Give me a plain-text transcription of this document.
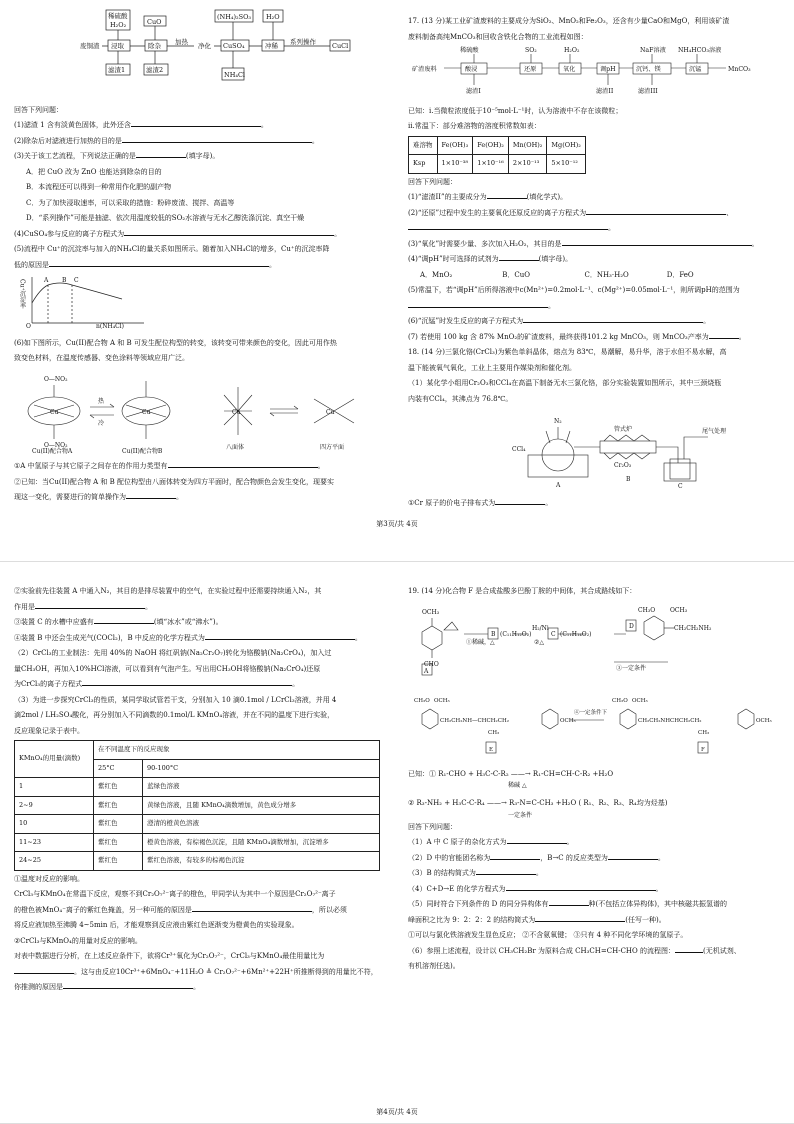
稀硫酸
H₂O₂	CuO
(NH₄)₂SO₃ H₂O
废铜渣 浸取	除杂 加热 净化 CuSO₄	冲稀 系列操作 CuCl
滤渣1	滤渣2
NH₄Cl
回答下列问题：
(1)滤渣 1 含有淡黄色固体，此外还含	。
(2)除杂后对滤液进行加热的目的是	。
(3)关于该工艺流程，下列说法正确的是	(填字母)。
A．把 CuO 改为 ZnO 也能达到除杂的目的
B．本流程还可以得到一种常用作化肥的副产物
C．为了加快浸取速率，可以采取的措施：粉碎废渣、搅拌、高温等
D．“系列操作”可能是抽滤、依次用温度较低的SO₂水溶液与无水乙醇洗涤沉淀、真空干燥
(4)CuSO₄参与反应的离子方程式为	。
(5)流程中 Cu⁺的沉淀率与加入的NH₄Cl的量关系如图所示。随着加入NH₄Cl的增多，Cu⁺的沉淀率降
低的原因是	。
Cu⁺沉淀率
n(NH₄Cl)
A B C
O
(6)如下图所示，Cu(II)配合物 A 和 B 可发生配位构型的转变，该转变可带来颜色的变化，因此可用作热
致变色材料，在温度传感器、变色涂料等领域应用广泛。
O—NO₂
O—NO₂
Cu	Cu
热
冷
Cu(II)配合物A	Cu(II)配合物B
Cu	Cu
八面体	四方平面
①A 中氢原子与其它原子之间存在的作用力类型有	。
②已知：当Cu(II)配合物 A 和 B 配位构型由八面体转变为四方平面时，配合物颜色会发生变化，现要实
现这一变化，需要进行的简单操作为	。
17. (13 分)某工业矿渣废料的主要成分为SiO₂、MnO₂和Fe₂O₃，还含有少量CaO和MgO，利用该矿渣
废料制备高纯MnCO₃和回收含铁化合物的工业流程如图：
稀硫酸	SO₂	H₂O₂	NaF溶液 NH₄HCO₃溶液
矿渣废料	酸浸	还原	氧化	调pH	沉钙、镁	沉锰	MnCO₃
滤渣I	滤渣II	滤渣III
已知：i.当微粒浓度低于10⁻⁵mol·L⁻¹时，认为溶液中不存在该微粒；
ii.常温下：部分难溶物的溶度积常数如表：
难溶物	Fe(OH)₃	Fe(OH)₂	Mn(OH)₂	Mg(OH)₂
Ksp	1×10⁻³⁸	1×10⁻¹⁶	2×10⁻¹³	5×10⁻¹²
回答下列问题：
(1)“滤渣II”的主要成分为	(填化学式)。
(2)“还原”过程中发生的主要氧化还原反应的离子方程式为	、
。
(3)“氧化”时需要少量、多次加入H₂O₂，其目的是	。
(4)“调pH”时可选择的试剂为	(填字母)。
A．MnO₂	B．CuO	C．NH₃·H₂O	D．FeO
(5)常温下，若“调pH”后所得溶液中c(Mn²⁺)=0.2mol·L⁻¹、c(Mg²⁺)=0.05mol·L⁻¹，则所调pH的范围为
。
(6)“沉锰”时发生反应的离子方程式为	。
(7) 若使用 100 kg 含 87% MnO₂的矿渣废料，最终获得101.2 kg MnCO₃，则 MnCO₃产率为	。
18. (14 分)三氯化铬(CrCl₃)为紫色单斜晶体，熔点为 83℃，易潮解，易升华，溶于水但不易水解，高
温下能被氧气氧化，工业上主要用作媒染剂和催化剂。
（1）某化学小组用Cr₂O₃和CCl₄在高温下制备无水三氯化铬，部分实验装置如图所示，其中三颈烧瓶
内装有CCl₄，其沸点为 76.8℃。
N₂
管式炉	尾气处理
Cr₂O₃
CCl₄
A
B
C
①Cr 原子的价电子排布式为	。
第3页/共 4页
②实验前先往装置 A 中通入N₂，其目的是排尽装置中的空气，在实验过程中还需要持续通入N₂，其
作用是	。
③装置 C 的水槽中应盛有	(填“冰水”或“沸水”)。
④装置 B 中还会生成光气(COCl₂)，B 中反应的化学方程式为	。
（2）CrCl₃的工业制法：先用 40%的 NaOH 将红矾钠(Na₂Cr₂O₇)转化为铬酸钠(Na₂CrO₄)，加入过
量CH₃OH，再加入10%HCl溶液，可以看到有气泡产生。写出用CH₃OH将铬酸钠(Na₂CrO₄)还原
为CrCl₃的离子方程式	。
（3）为进一步探究CrCl₃的性质，某同学取试管若干支，分别加入 10 滴0.1mol / LCrCl₃溶液，并用 4
滴2mol / LH₂SO₄酸化，再分别加入不同滴数的0.1mol/L KMnO₄溶液，并在不同的温度下进行实验，
反应现象记录于表中。
KMnO₄的用量(滴数)	在不同温度下的反应现象	
	25°C	90-100°C
1	紫红色	蓝绿色溶液
2~9	紫红色	黄绿色溶液，且随 KMnO₄滴数增加，黄色成分增多
10	紫红色	澄清的橙黄色溶液
11~23	紫红色	橙黄色溶液，有棕褐色沉淀，且随 KMnO₄滴数增加，沉淀增多
24~25	紫红色	紫红色溶液，有较多的棕褐色沉淀
①温度对反应的影响。
CrCl₃与KMnO₄在常温下反应，观察不到Cr₂O₇²⁻离子的橙色，甲同学认为其中一个原因是Cr₂O₇²⁻离子
的橙色被MnO₄⁻离子的紫红色掩盖，另一种可能的原因是	，所以必须
将反应液加热至沸腾 4~5min 后，才能观察到反应液由紫红色逐渐变为橙黄色的实验现象。
②CrCl₃与KMnO₄的用量对反应的影响。
对表中数据进行分析，在上述反应条件下，欲将Cr³⁺氧化为Cr₂O₇²⁻，CrCl₃与KMnO₄最佳用量比为
。这与由反应10Cr³⁺+6MnO₄⁻+11H₂O ≜ Cr₂O₇²⁻+6Mn²⁺+22H⁺所推断得到的用量比不符，
你推测的原因是	。
19. (14 分)化合物 F 是合成盐酸多巴酚丁胺的中间体，其合成路线如下：
OCH₃
CHO
A
①稀碱，△
B (C₁₁H₁₂O₂)
H₂/Ni
②△
C (C₁₁H₁₄O₂)
D
CH₃O OCH₃
CH₂CH₂NH₂
③一定条件

CH₃O OCH₃
CH₂CH₂NH—CHCH₂CH₂
CH₃
OCH₃
④一定条件下
CH₃O OCH₃
CH₂CH₂NHCHCH₂CH₂
CH₃
OCH₃
E	F
已知：① R₁-CHO + H₃C-C-R₂ ——→ R₁-CH=CH-C-R₂ +H₂O
稀碱 △
② R₃-NH₂ + H₃C-C-R₄ ——→ R₃-N=C-CH₃ +H₂O ( R₁、R₂、R₃、R₄均为烃基)
一定条件
回答下列问题：
（1）A 中 C 原子的杂化方式为	。
（2）D 中的官能团名称为	，B→C 的反应类型为	。
（3）B 的结构简式为	。
（4）C+D→E 的化学方程式为	。
（5）同时符合下列条件的 D 的同分异构体有	种(不包括立体异构体)，其中核磁共振氢谱的
峰面积之比为 9：2：2：2 的结构简式为	(任写一种)。
①可以与氯化铁溶液发生显色反应； ②不含氨氧键； ③只有 4 种不同化学环境的氢原子。
（6）参照上述流程，设计以 CH₃CH₂Br 为原料合成 CH₃CH=CH-CHO 的流程图：	(无机试剂、
有机溶剂任选)。
第4页/共 4页
